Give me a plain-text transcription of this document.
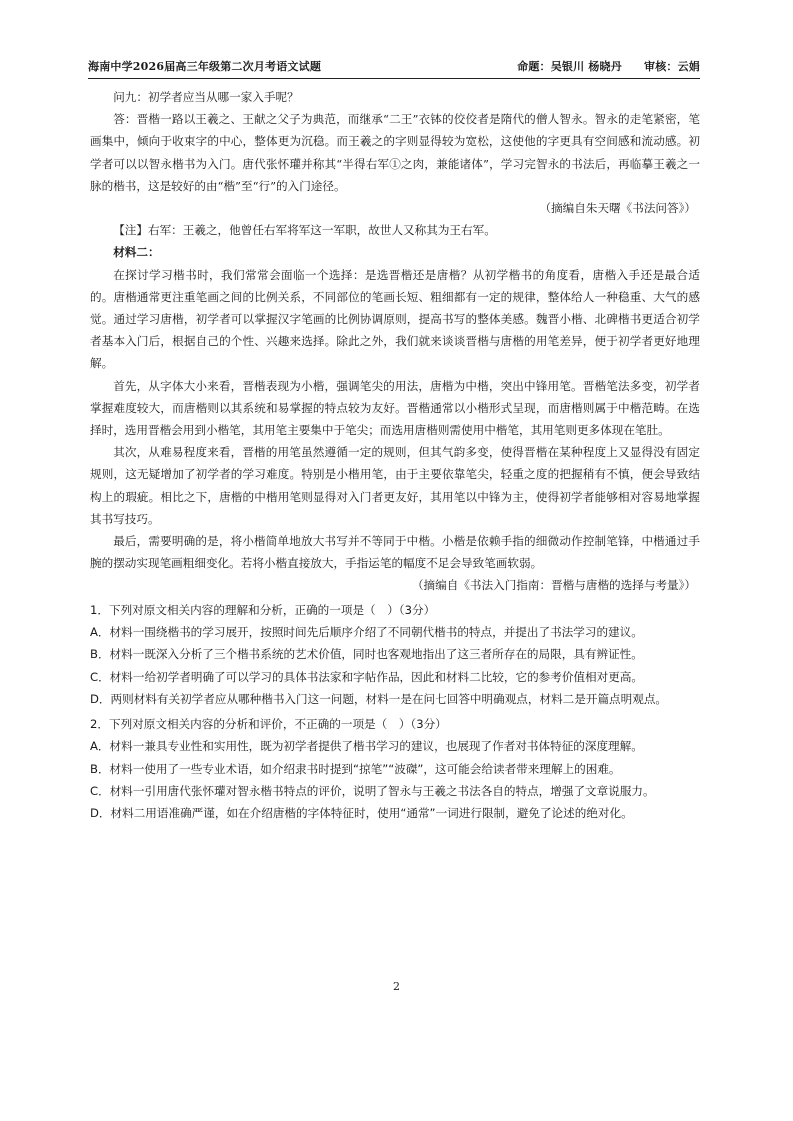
海南中学2026届高三年级第二次月考语文试题	命题：吴银川 杨晓丹 审核：云娟

问九：初学者应当从哪一家入手呢？

答：晋楷一路以王羲之、王献之父子为典范，而继承“二王”衣钵的佼佼者是隋代的僧人智永。智永的走笔紧密，笔画集中，倾向于收束字的中心，整体更为沉稳。而王羲之的字则显得较为宽松，这使他的字更具有空间感和流动感。初学者可以以智永楷书为入门。唐代张怀瓘并称其“半得右军①之肉，兼能诸体”，学习完智永的书法后，再临摹王羲之一脉的楷书，这是较好的由“楷”至“行”的入门途径。

（摘编自朱天曙《书法问答》）

【注】右军：王羲之，他曾任右军将军这一军职，故世人又称其为王右军。

材料二：

在探讨学习楷书时，我们常常会面临一个选择：是选晋楷还是唐楷？从初学楷书的角度看，唐楷入手还是最合适的。唐楷通常更注重笔画之间的比例关系，不同部位的笔画长短、粗细都有一定的规律，整体给人一种稳重、大气的感觉。通过学习唐楷，初学者可以掌握汉字笔画的比例协调原则，提高书写的整体美感。魏晋小楷、北碑楷书更适合初学者基本入门后，根据自己的个性、兴趣来选择。除此之外，我们就来谈谈晋楷与唐楷的用笔差异，便于初学者更好地理解。

首先，从字体大小来看，晋楷表现为小楷，强调笔尖的用法，唐楷为中楷，突出中锋用笔。晋楷笔法多变，初学者掌握难度较大，而唐楷则以其系统和易掌握的特点较为友好。晋楷通常以小楷形式呈现，而唐楷则属于中楷范畴。在选择时，选用晋楷会用到小楷笔，其用笔主要集中于笔尖；而选用唐楷则需使用中楷笔，其用笔则更多体现在笔肚。

其次，从难易程度来看，晋楷的用笔虽然遵循一定的规则，但其气韵多变，使得晋楷在某种程度上又显得没有固定规则，这无疑增加了初学者的学习难度。特别是小楷用笔，由于主要依靠笔尖，轻重之度的把握稍有不慎，便会导致结构上的瑕疵。相比之下，唐楷的中楷用笔则显得对入门者更友好，其用笔以中锋为主，使得初学者能够相对容易地掌握其书写技巧。

最后，需要明确的是，将小楷简单地放大书写并不等同于中楷。小楷是依赖手指的细微动作控制笔锋，中楷通过手腕的摆动实现笔画粗细变化。若将小楷直接放大，手指运笔的幅度不足会导致笔画软弱。

（摘编自《书法入门指南：晋楷与唐楷的选择与考量》）

1．下列对原文相关内容的理解和分析，正确的一项是（　）（3分）

A．材料一围绕楷书的学习展开，按照时间先后顺序介绍了不同朝代楷书的特点，并提出了书法学习的建议。

B．材料一既深入分析了三个楷书系统的艺术价值，同时也客观地指出了这三者所存在的局限，具有辨证性。

C．材料一给初学者明确了可以学习的具体书法家和字帖作品，因此和材料二比较，它的参考价值相对更高。

D．两则材料有关初学者应从哪种楷书入门这一问题，材料一是在问七回答中明确观点，材料二是开篇点明观点。

2．下列对原文相关内容的分析和评价，不正确的一项是（　）（3分）

A．材料一兼具专业性和实用性，既为初学者提供了楷书学习的建议，也展现了作者对书体特征的深度理解。

B．材料一使用了一些专业术语，如介绍隶书时提到“掠笔”“波磔”，这可能会给读者带来理解上的困难。

C．材料一引用唐代张怀瓘对智永楷书特点的评价，说明了智永与王羲之书法各自的特点，增强了文章说服力。

D．材料二用语准确严谨，如在介绍唐楷的字体特征时，使用“通常”一词进行限制，避免了论述的绝对化。

2
